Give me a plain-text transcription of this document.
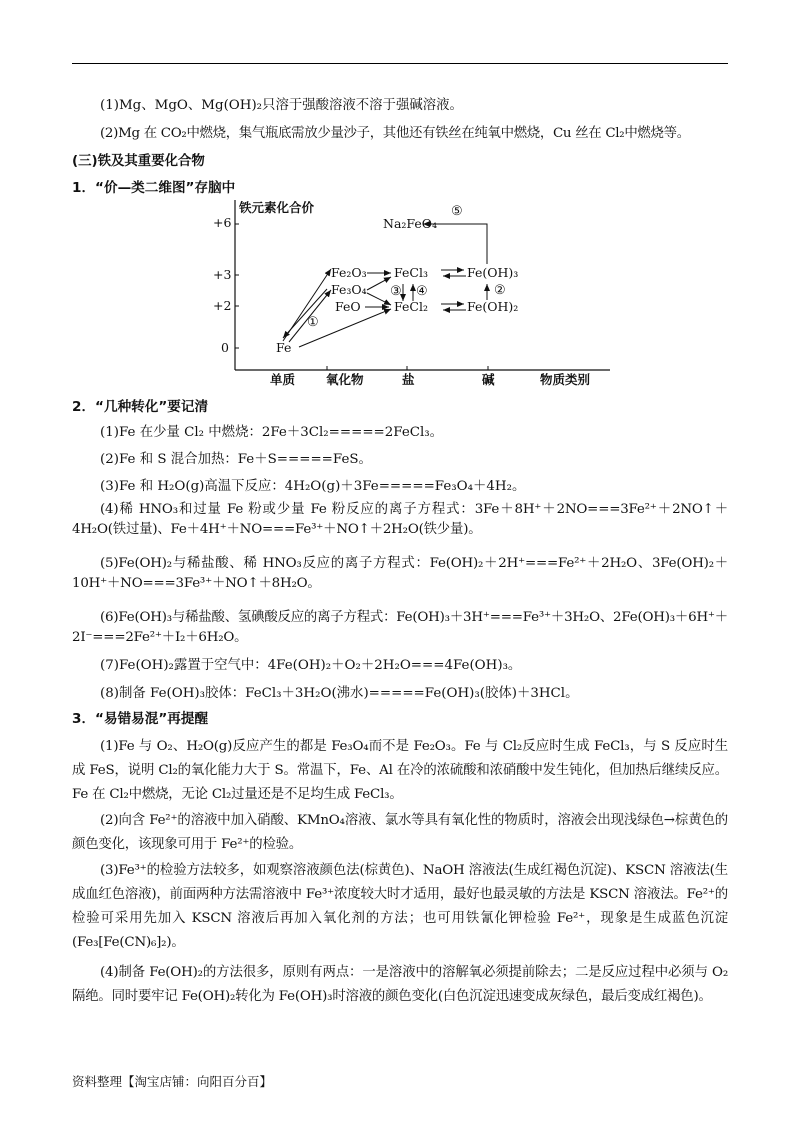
(1)Mg、MgO、Mg(OH)₂只溶于强酸溶液不溶于强碱溶液。
(2)Mg 在 CO₂中燃烧，集气瓶底需放少量沙子，其他还有铁丝在纯氧中燃烧，Cu 丝在 Cl₂中燃烧等。
(三)铁及其重要化合物
1．“价—类二维图”存脑中
铁元素化合价
+6
+3
+2
0
单质 氧化物	盐	碱	物质类别
Fe
Fe₂O₃
Fe₃O₄
FeO
FeCl₃
FeCl₂
Fe(OH)₃
Fe(OH)₂
Na₂FeO₄
①
②
③ ④
⑤
2．“几种转化”要记清
(1)Fe 在少量 Cl₂ 中燃烧：2Fe＋3Cl₂=====2FeCl₃。
(2)Fe 和 S 混合加热：Fe＋S=====FeS。
(3)Fe 和 H₂O(g)高温下反应：4H₂O(g)＋3Fe=====Fe₃O₄＋4H₂。
(4)稀 HNO₃和过量 Fe 粉或少量 Fe 粉反应的离子方程式：3Fe＋8H⁺＋2NO===3Fe²⁺＋2NO↑＋4H₂O(铁过量)、Fe＋4H⁺＋NO===Fe³⁺＋NO↑＋2H₂O(铁少量)。
(5)Fe(OH)₂与稀盐酸、稀 HNO₃反应的离子方程式：Fe(OH)₂＋2H⁺===Fe²⁺＋2H₂O、3Fe(OH)₂＋10H⁺＋NO===3Fe³⁺＋NO↑＋8H₂O。
(6)Fe(OH)₃与稀盐酸、氢碘酸反应的离子方程式：Fe(OH)₃＋3H⁺===Fe³⁺＋3H₂O、2Fe(OH)₃＋6H⁺＋2I⁻===2Fe²⁺＋I₂＋6H₂O。
(7)Fe(OH)₂露置于空气中：4Fe(OH)₂＋O₂＋2H₂O===4Fe(OH)₃。
(8)制备 Fe(OH)₃胶体：FeCl₃＋3H₂O(沸水)=====Fe(OH)₃(胶体)＋3HCl。
3．“易错易混”再提醒
(1)Fe 与 O₂、H₂O(g)反应产生的都是 Fe₃O₄而不是 Fe₂O₃。Fe 与 Cl₂反应时生成 FeCl₃，与 S 反应时生成 FeS，说明 Cl₂的氧化能力大于 S。常温下，Fe、Al 在冷的浓硫酸和浓硝酸中发生钝化，但加热后继续反应。Fe 在 Cl₂中燃烧，无论 Cl₂过量还是不足均生成 FeCl₃。
(2)向含 Fe²⁺的溶液中加入硝酸、KMnO₄溶液、氯水等具有氧化性的物质时，溶液会出现浅绿色→棕黄色的颜色变化，该现象可用于 Fe²⁺的检验。
(3)Fe³⁺的检验方法较多，如观察溶液颜色法(棕黄色)、NaOH 溶液法(生成红褐色沉淀)、KSCN 溶液法(生成血红色溶液)，前面两种方法需溶液中 Fe³⁺浓度较大时才适用，最好也最灵敏的方法是 KSCN 溶液法。Fe²⁺的检验可采用先加入 KSCN 溶液后再加入氧化剂的方法；也可用铁氰化钾检验 Fe²⁺，现象是生成蓝色沉淀(Fe₃[Fe(CN)₆]₂)。
(4)制备 Fe(OH)₂的方法很多，原则有两点：一是溶液中的溶解氧必须提前除去；二是反应过程中必须与 O₂隔绝。同时要牢记 Fe(OH)₂转化为 Fe(OH)₃时溶液的颜色变化(白色沉淀迅速变成灰绿色，最后变成红褐色)。
资料整理【淘宝店铺：向阳百分百】
